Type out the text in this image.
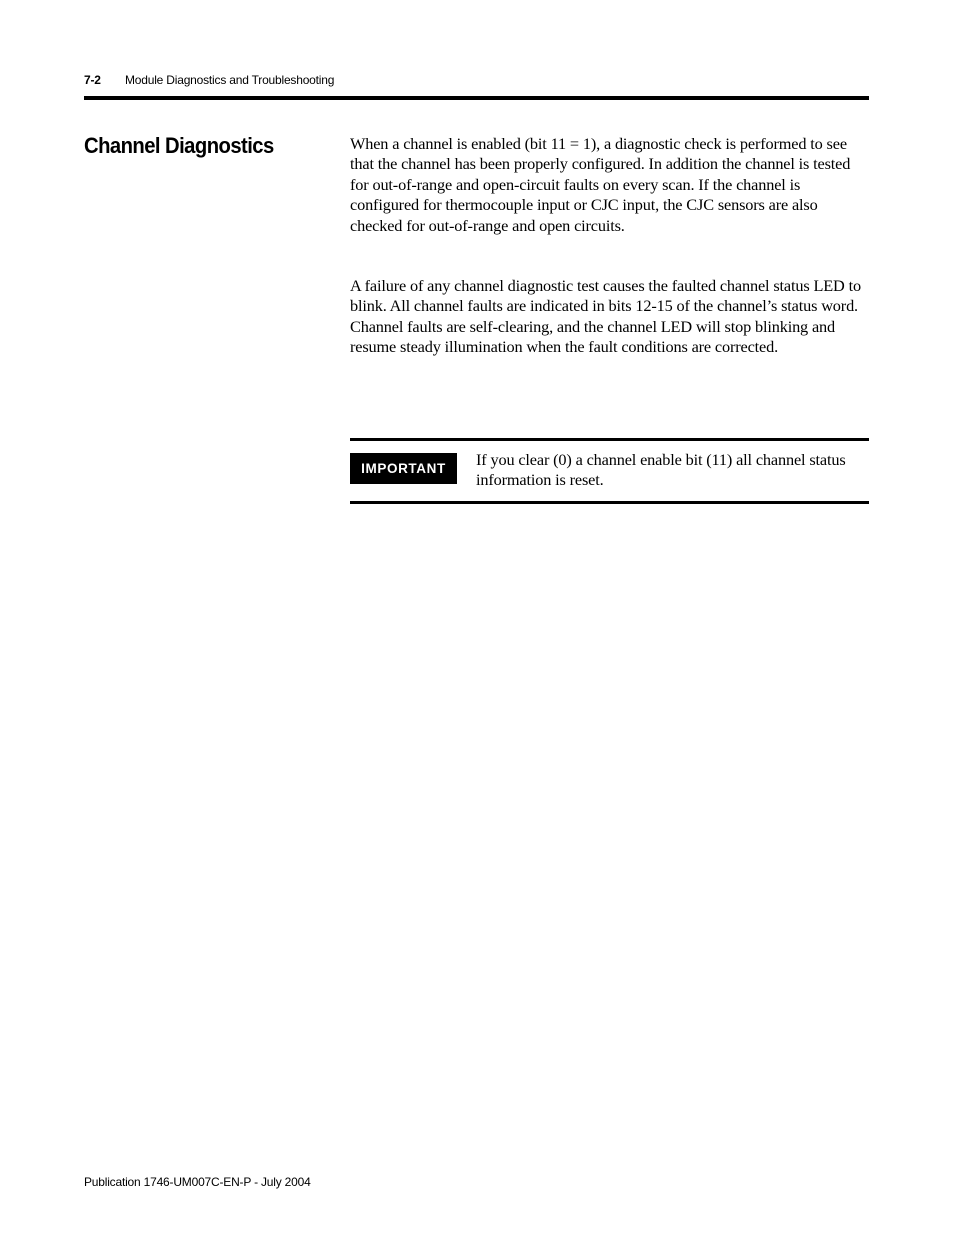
7-2 Module Diagnostics and Troubleshooting
Channel Diagnostics	When a channel is enabled (bit 11 = 1), a diagnostic check is performed to see that the channel has been properly configured. In addition the channel is tested for out-of-range and open-circuit faults on every scan. If the channel is configured for thermocouple input or CJC input, the CJC sensors are also checked for out-of-range and open circuits.

A failure of any channel diagnostic test causes the faulted channel status LED to blink. All channel faults are indicated in bits 12-15 of the channel’s status word. Channel faults are self-clearing, and the channel LED will stop blinking and resume steady illumination when the fault conditions are corrected.

IMPORTANT	If you clear (0) a channel enable bit (11) all channel status information is reset.

Publication 1746-UM007C-EN-P - July 2004
